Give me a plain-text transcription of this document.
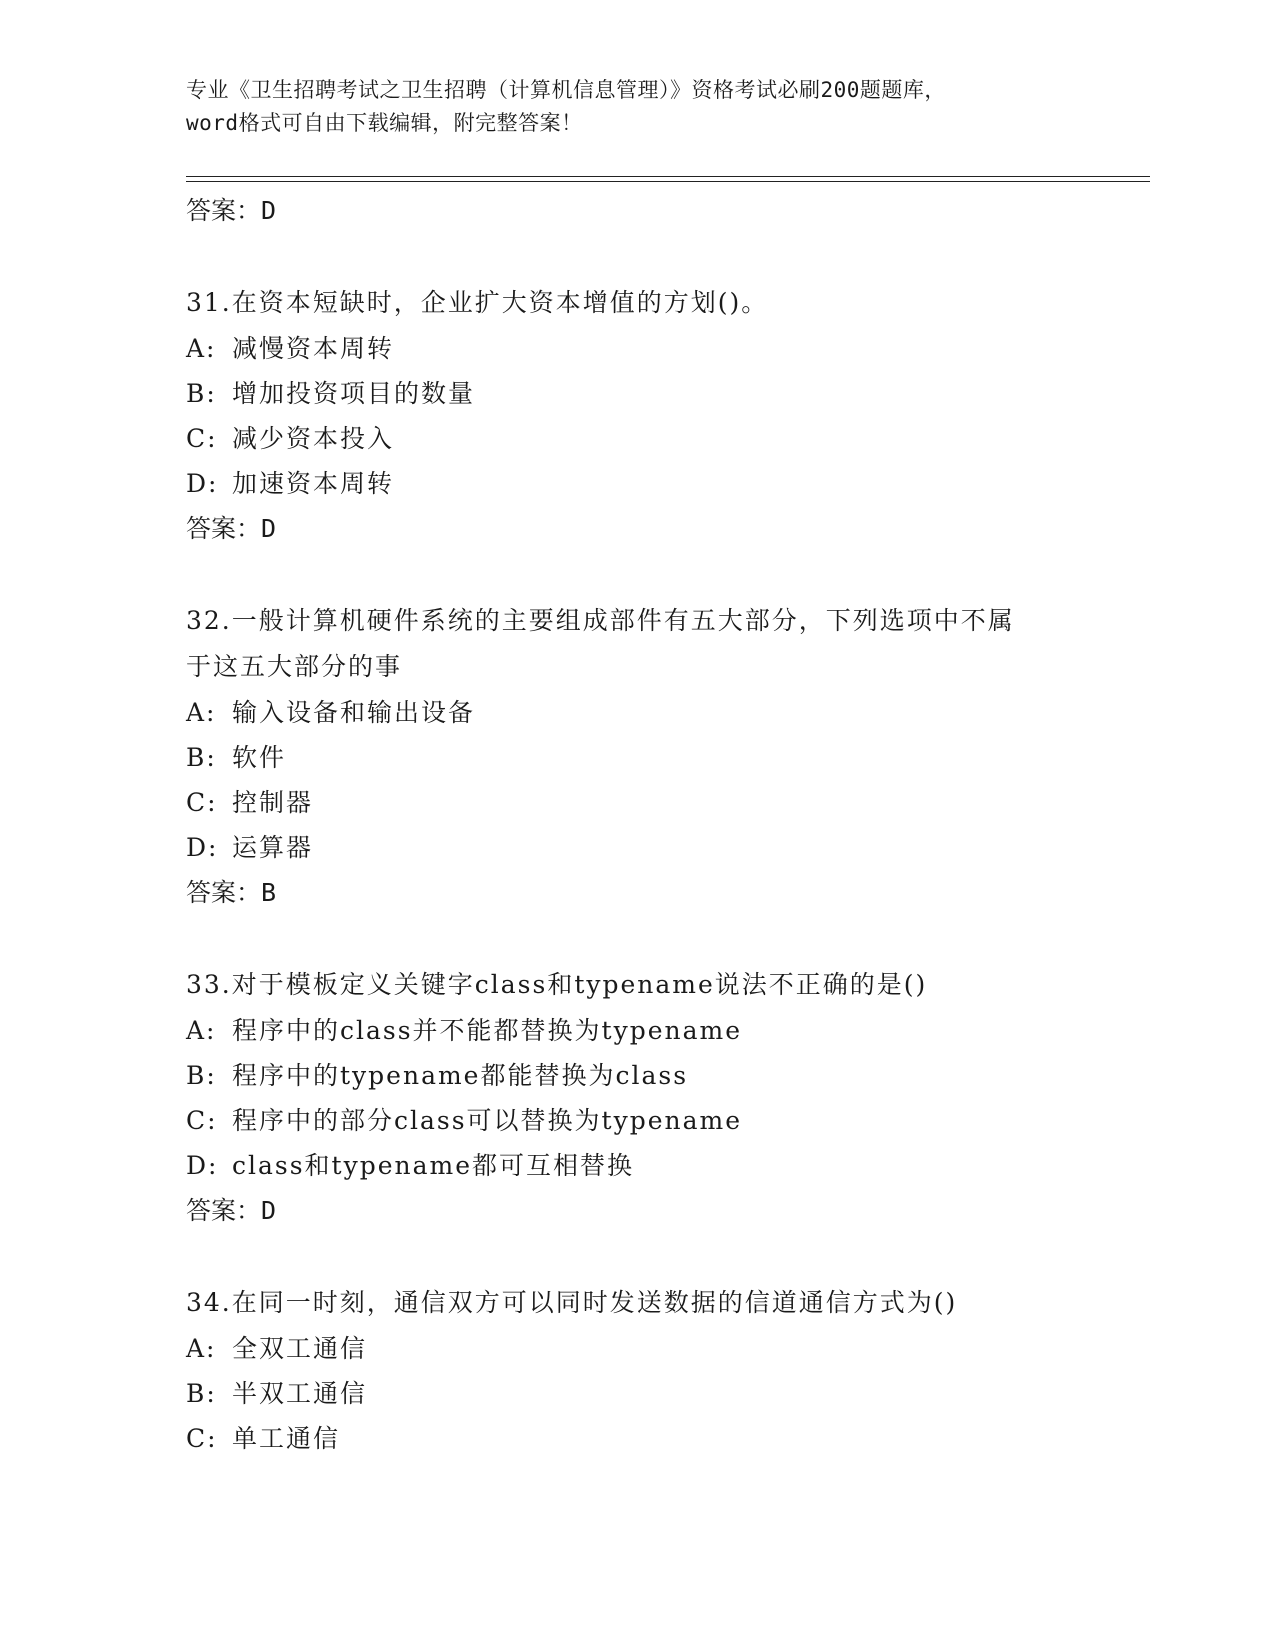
专业《卫生招聘考试之卫生招聘（计算机信息管理）》资格考试必刷200题题库，
word格式可自由下载编辑，附完整答案！
答案：D
31.在资本短缺时，企业扩大资本增值的方划()。
A: 减慢资本周转
B: 增加投资项目的数量
C: 减少资本投入
D: 加速资本周转
答案：D
32.一般计算机硬件系统的主要组成部件有五大部分，下列选项中不属
于这五大部分的事
A: 输入设备和输出设备
B: 软件
C: 控制器
D: 运算器
答案：B
33.对于模板定义关键字class和typename说法不正确的是()
A: 程序中的class并不能都替换为typename
B: 程序中的typename都能替换为class
C: 程序中的部分class可以替换为typename
D: class和typename都可互相替换
答案：D
34.在同一时刻，通信双方可以同时发送数据的信道通信方式为()
A: 全双工通信
B: 半双工通信
C: 单工通信
